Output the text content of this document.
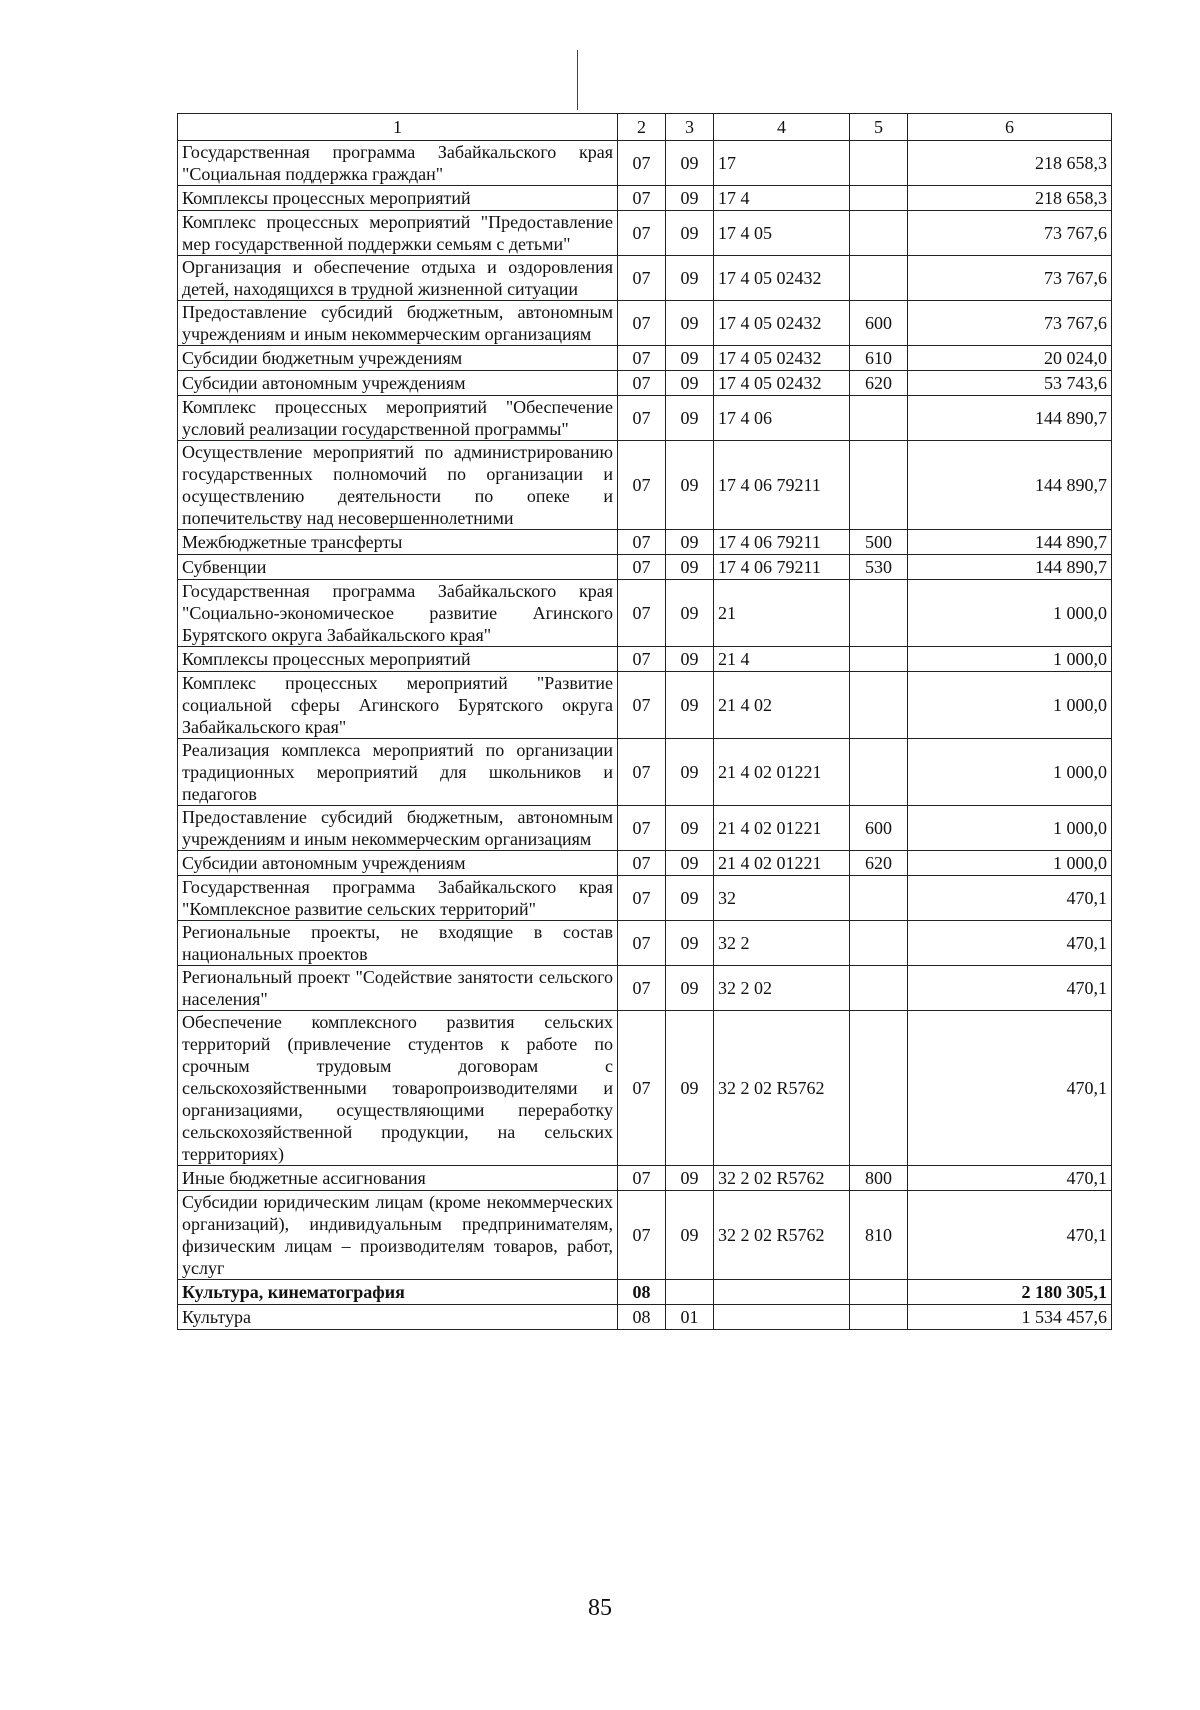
1	2	3	4	5	6
Государственная программа Забайкальского края "Социальная поддержка граждан"	07	09	17		218 658,3
Комплексы процессных мероприятий	07	09	17 4		218 658,3
Комплекс процессных мероприятий "Предоставление мер государственной поддержки семьям с детьми"	07	09	17 4 05		73 767,6
Организация и обеспечение отдыха и оздоровления детей, находящихся в трудной жизненной ситуации	07	09	17 4 05 02432		73 767,6
Предоставление субсидий бюджетным, автономным учреждениям и иным некоммерческим организациям	07	09	17 4 05 02432	600	73 767,6
Субсидии бюджетным учреждениям	07	09	17 4 05 02432	610	20 024,0
Субсидии автономным учреждениям	07	09	17 4 05 02432	620	53 743,6
Комплекс процессных мероприятий "Обеспечение условий реализации государственной программы"	07	09	17 4 06		144 890,7
Осуществление мероприятий по администрированию государственных полномочий по организации и осуществлению деятельности по опеке и попечительству над несовершеннолетними	07	09	17 4 06 79211		144 890,7
Межбюджетные трансферты	07	09	17 4 06 79211	500	144 890,7
Субвенции	07	09	17 4 06 79211	530	144 890,7
Государственная программа Забайкальского края "Социально-экономическое развитие Агинского Бурятского округа Забайкальского края"	07	09	21		1 000,0
Комплексы процессных мероприятий	07	09	21 4		1 000,0
Комплекс процессных мероприятий "Развитие социальной сферы Агинского Бурятского округа Забайкальского края"	07	09	21 4 02		1 000,0
Реализация комплекса мероприятий по организации традиционных мероприятий для школьников и педагогов	07	09	21 4 02 01221		1 000,0
Предоставление субсидий бюджетным, автономным учреждениям и иным некоммерческим организациям	07	09	21 4 02 01221	600	1 000,0
Субсидии автономным учреждениям	07	09	21 4 02 01221	620	1 000,0
Государственная программа Забайкальского края "Комплексное развитие сельских территорий"	07	09	32		470,1
Региональные проекты, не входящие в состав национальных проектов	07	09	32 2		470,1
Региональный проект "Содействие занятости сельского населения"	07	09	32 2 02		470,1
Обеспечение комплексного развития сельских территорий (привлечение студентов к работе по срочным трудовым договорам с сельскохозяйственными товаропроизводителями и организациями, осуществляющими переработку сельскохозяйственной продукции, на сельских территориях)	07	09	32 2 02 R5762		470,1
Иные бюджетные ассигнования	07	09	32 2 02 R5762	800	470,1
Субсидии юридическим лицам (кроме некоммерческих организаций), индивидуальным предпринимателям, физическим лицам – производителям товаров, работ, услуг	07	09	32 2 02 R5762	810	470,1
Культура, кинематография	08				2 180 305,1
Культура	08	01			1 534 457,6
85
